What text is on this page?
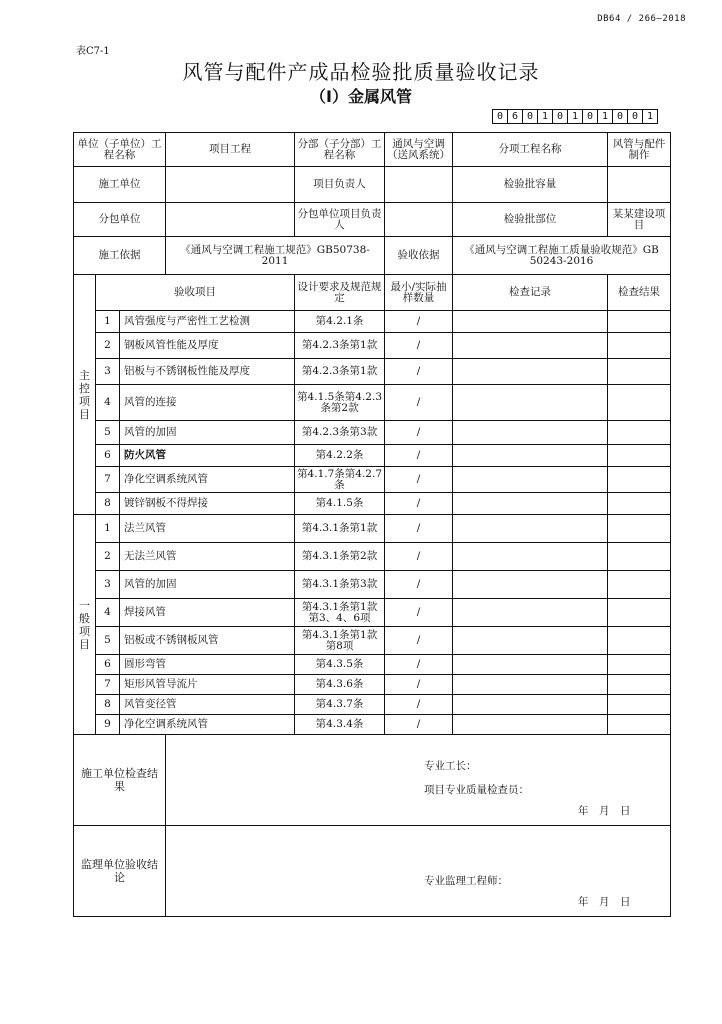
DB64 / 266—2018
表C7-1
风管与配件产成品检验批质量验收记录
（I）金属风管
0 6 0 1 0 1 0 1 0 0 1
单位（子单位）工程名称			项目工程	分部（子分部）工程名称	通风与空调（送风系统）	分项工程名称	风管与配件制作
施工单位				项目负责人		检验批容量	
分包单位				分包单位项目负责人		检验批部位	某某建设项目
施工依据			《通风与空调工程施工规范》GB50738-2011		验收依据	《通风与空调工程施工质量验收规范》GB 50243-2016	

主
控
项
目	验收项目			设计要求及规范规定	最小/实际抽样数量	检查记录	检查结果
	1	风管强度与严密性工艺检测		第4.2.1条	/		
	2	钢板风管性能及厚度		第4.2.3条第1款	/		
	3	铝板与不锈钢板性能及厚度		第4.2.3条第1款	/		
	4	风管的连接		第4.1.5条第4.2.3条第2款	/		
	5	风管的加固		第4.2.3条第3款	/		
	6	防火风管		第4.2.2条	/		
	7	净化空调系统风管		第4.1.7条第4.2.7条	/		
	8	镀锌钢板不得焊接		第4.1.5条	/		

一
般
项
目	1	法兰风管		第4.3.1条第1款	/		
	2	无法兰风管		第4.3.1条第2款	/		
	3	风管的加固		第4.3.1条第3款	/		
	4	焊接风管		第4.3.1条第1款第3、4、6项	/		
	5	铝板或不锈钢板风管		第4.3.1条第1款第8项	/		
	6	圆形弯管		第4.3.5条	/		
	7	矩形风管导流片		第4.3.6条	/		
	8	风管变径管		第4.3.7条	/		
	9	净化空调系统风管		第4.3.4条	/		
施工单位检查结果			专业工长：
项目专业质量检查员：
年　月　日				

监理单位验收结论			专业监理工程师：
年　月　日				
